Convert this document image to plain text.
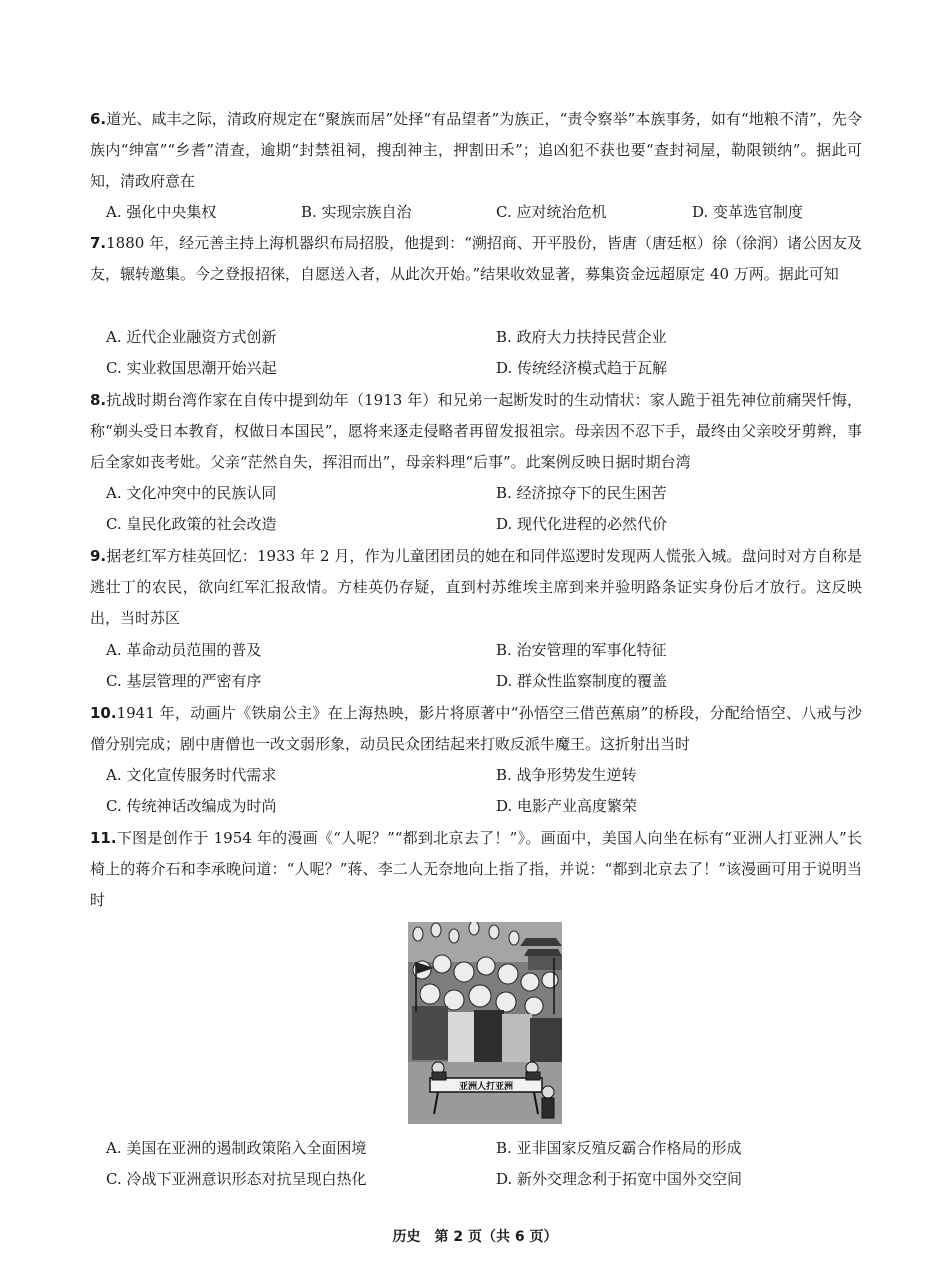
6.道光、咸丰之际，清政府规定在“聚族而居”处择“有品望者”为族正，“责令察举”本族事务，如有“地粮不清”，先令族内“绅富”“乡耆”清查，逾期“封禁祖祠，搜刮神主，押割田禾”；追凶犯不获也要“查封祠屋，勒限锁纳”。据此可知，清政府意在
A. 强化中央集权	B. 实现宗族自治	C. 应对统治危机	D. 变革选官制度
7.1880 年，经元善主持上海机器织布局招股，他提到：“溯招商、开平股份，皆唐（唐廷枢）徐（徐润）诸公因友及友，辗转邀集。今之登报招徕，自愿送入者，从此次开始。”结果收效显著，募集资金远超原定 40 万两。据此可知
A. 近代企业融资方式创新	B. 政府大力扶持民营企业
C. 实业救国思潮开始兴起	D. 传统经济模式趋于瓦解
8.抗战时期台湾作家在自传中提到幼年（1913 年）和兄弟一起断发时的生动情状：家人跪于祖先神位前痛哭忏悔，称“剃头受日本教育，权做日本国民”，愿将来逐走侵略者再留发报祖宗。母亲因不忍下手，最终由父亲咬牙剪辫，事后全家如丧考妣。父亲“茫然自失，挥泪而出”，母亲料理“后事”。此案例反映日据时期台湾
A. 文化冲突中的民族认同	B. 经济掠夺下的民生困苦
C. 皇民化政策的社会改造	D. 现代化进程的必然代价
9.据老红军方桂英回忆：1933 年 2 月，作为儿童团团员的她在和同伴巡逻时发现两人慌张入城。盘问时对方自称是逃壮丁的农民，欲向红军汇报敌情。方桂英仍存疑，直到村苏维埃主席到来并验明路条证实身份后才放行。这反映出，当时苏区
A. 革命动员范围的普及	B. 治安管理的军事化特征
C. 基层管理的严密有序	D. 群众性监察制度的覆盖
10.1941 年，动画片《铁扇公主》在上海热映，影片将原著中“孙悟空三借芭蕉扇”的桥段，分配给悟空、八戒与沙僧分别完成；剧中唐僧也一改文弱形象，动员民众团结起来打败反派牛魔王。这折射出当时
A. 文化宣传服务时代需求	B. 战争形势发生逆转
C. 传统神话改编成为时尚	D. 电影产业高度繁荣
11.下图是创作于 1954 年的漫画《“人呢？”“都到北京去了！”》。画面中，美国人向坐在标有“亚洲人打亚洲人”长椅上的蒋介石和李承晚问道：“人呢？”蒋、李二人无奈地向上指了指，并说：“都到北京去了！”该漫画可用于说明当时
亚洲人打亚洲
A. 美国在亚洲的遏制政策陷入全面困境	B. 亚非国家反殖反霸合作格局的形成
C. 冷战下亚洲意识形态对抗呈现白热化	D. 新外交理念利于拓宽中国外交空间
历史　第 2 页（共 6 页）
